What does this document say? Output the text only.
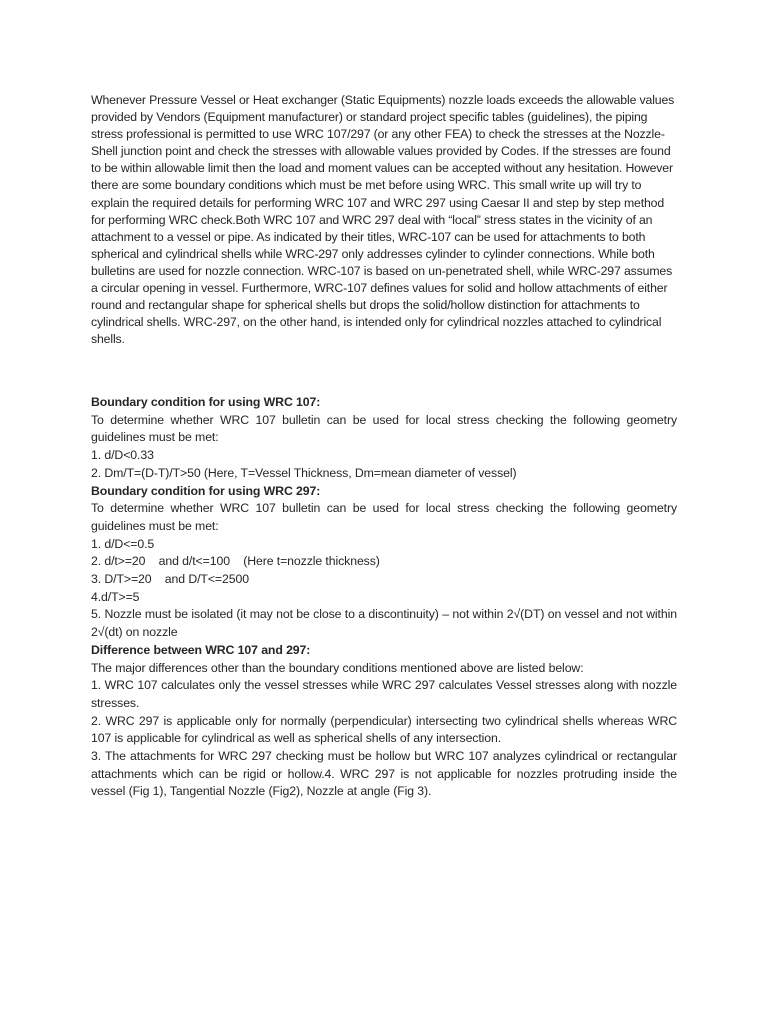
Whenever Pressure Vessel or Heat exchanger (Static Equipments) nozzle loads exceeds the allowable values provided by Vendors (Equipment manufacturer) or standard project specific tables (guidelines), the piping stress professional is permitted to use WRC 107/297 (or any other FEA) to check the stresses at the Nozzle-Shell junction point and check the stresses with allowable values provided by Codes. If the stresses are found to be within allowable limit then the load and moment values can be accepted without any hesitation. However there are some boundary conditions which must be met before using WRC. This small write up will try to explain the required details for performing WRC 107 and WRC 297 using Caesar II and step by step method for performing WRC check.Both WRC 107 and WRC 297 deal with “local” stress states in the vicinity of an attachment to a vessel or pipe. As indicated by their titles, WRC-107 can be used for attachments to both spherical and cylindrical shells while WRC-297 only addresses cylinder to cylinder connections. While both bulletins are used for nozzle connection. WRC-107 is based on un-penetrated shell, while WRC-297 assumes a circular opening in vessel. Furthermore, WRC-107 defines values for solid and hollow attachments of either round and rectangular shape for spherical shells but drops the solid/hollow distinction for attachments to cylindrical shells. WRC-297, on the other hand, is intended only for cylindrical nozzles attached to cylindrical shells.

Boundary condition for using WRC 107:

To determine whether WRC 107 bulletin can be used for local stress checking the following geometry guidelines must be met:

1. d/D<0.33

2. Dm/T=(D-T)/T>50 (Here, T=Vessel Thickness, Dm=mean diameter of vessel)

Boundary condition for using WRC 297:

To determine whether WRC 107 bulletin can be used for local stress checking the following geometry guidelines must be met:

1. d/D<=0.5

2. d/t>=20    and d/t<=100    (Here t=nozzle thickness)

3. D/T>=20    and D/T<=2500

4.d/T>=5

5. Nozzle must be isolated (it may not be close to a discontinuity) – not within 2√(DT) on vessel and not within 2√(dt) on nozzle

Difference between WRC 107 and 297:

The major differences other than the boundary conditions mentioned above are listed below:

1. WRC 107 calculates only the vessel stresses while WRC 297 calculates Vessel stresses along with nozzle stresses.

2. WRC 297 is applicable only for normally (perpendicular) intersecting two cylindrical shells whereas WRC 107 is applicable for cylindrical as well as spherical shells of any intersection.

3. The attachments for WRC 297 checking must be hollow but WRC 107 analyzes cylindrical or rectangular attachments which can be rigid or hollow.4. WRC 297 is not applicable for nozzles protruding inside the vessel (Fig 1), Tangential Nozzle (Fig2), Nozzle at angle (Fig 3).
